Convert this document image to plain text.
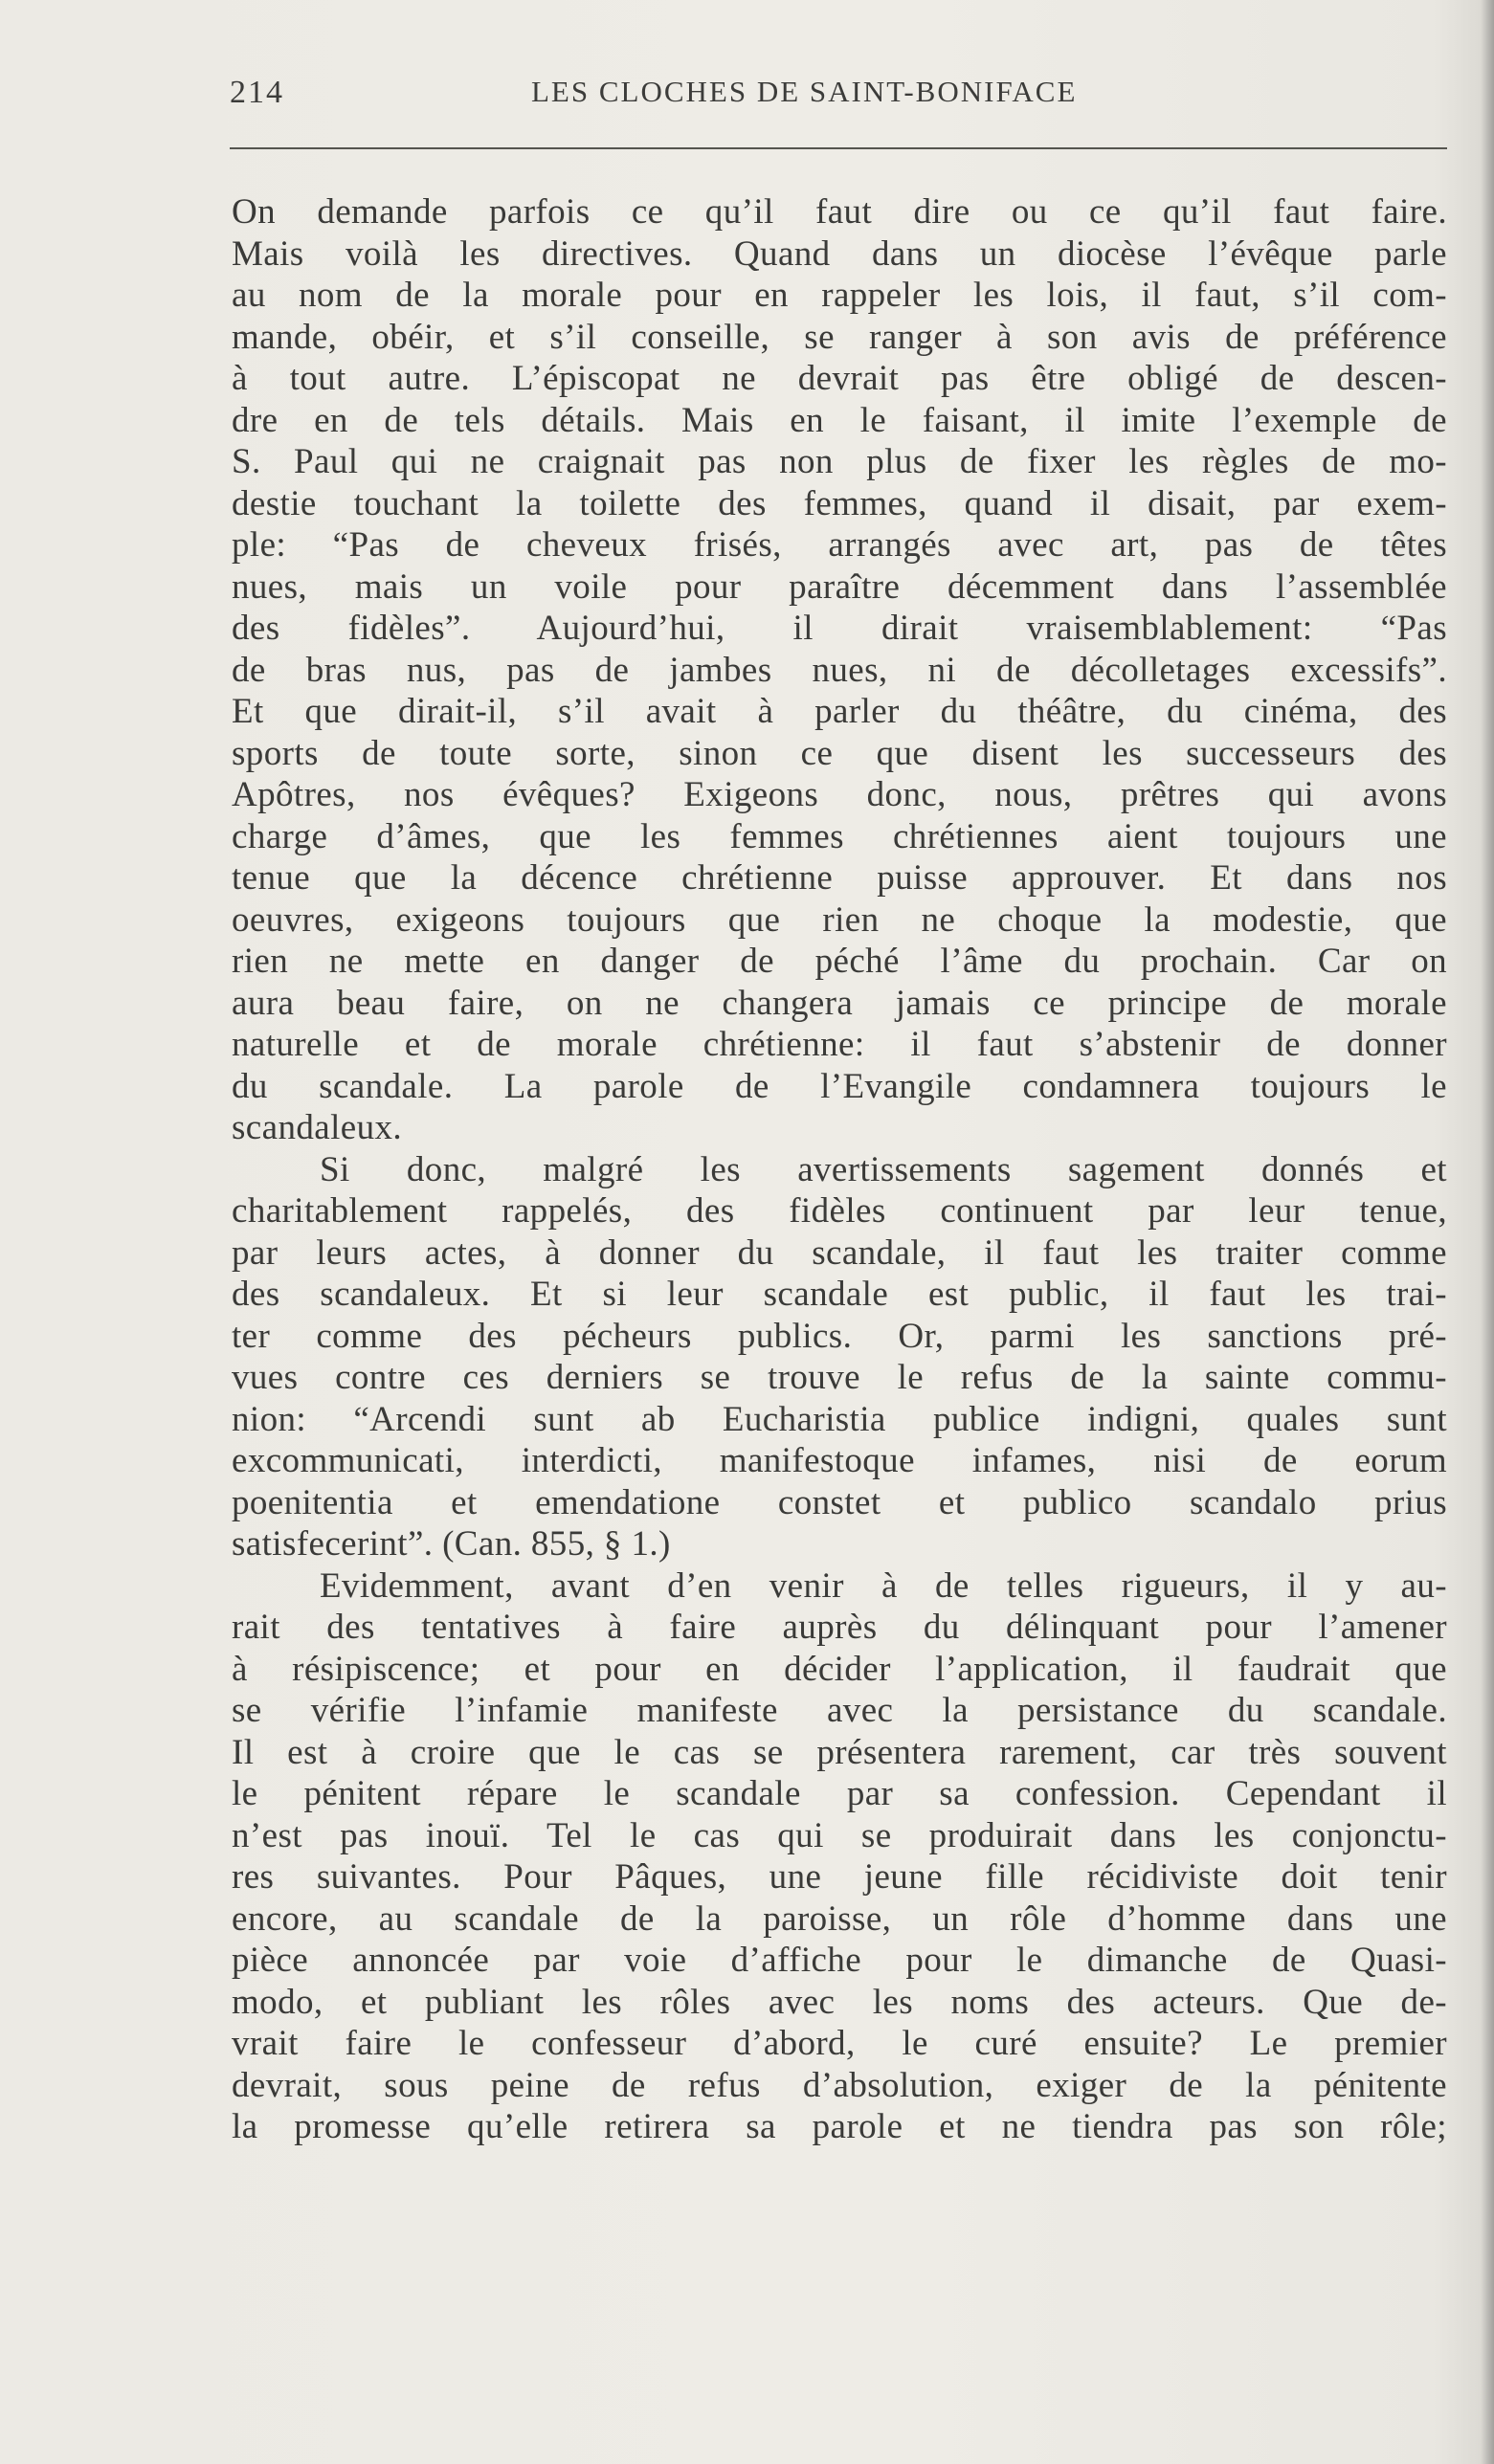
214	LES CLOCHES DE SAINT-BONIFACE
On demande parfois ce qu’il faut dire ou ce qu’il faut faire.
Mais voilà les directives. Quand dans un diocèse l’évêque parle
au nom de la morale pour en rappeler les lois, il faut, s’il com-
mande, obéir, et s’il conseille, se ranger à son avis de préférence
à tout autre. L’épiscopat ne devrait pas être obligé de descen-
dre en de tels détails. Mais en le faisant, il imite l’exemple de
S. Paul qui ne craignait pas non plus de fixer les règles de mo-
destie touchant la toilette des femmes, quand il disait, par exem-
ple: “Pas de cheveux frisés, arrangés avec art, pas de têtes
nues, mais un voile pour paraître décemment dans l’assemblée
des fidèles”. Aujourd’hui, il dirait vraisemblablement: “Pas
de bras nus, pas de jambes nues, ni de décolletages excessifs”.
Et que dirait-il, s’il avait à parler du théâtre, du cinéma, des
sports de toute sorte, sinon ce que disent les successeurs des
Apôtres, nos évêques? Exigeons donc, nous, prêtres qui avons
charge d’âmes, que les femmes chrétiennes aient toujours une
tenue que la décence chrétienne puisse approuver. Et dans nos
oeuvres, exigeons toujours que rien ne choque la modestie, que
rien ne mette en danger de péché l’âme du prochain. Car on
aura beau faire, on ne changera jamais ce principe de morale
naturelle et de morale chrétienne: il faut s’abstenir de donner
du scandale. La parole de l’Evangile condamnera toujours le
scandaleux.
Si donc, malgré les avertissements sagement donnés et
charitablement rappelés, des fidèles continuent par leur tenue,
par leurs actes, à donner du scandale, il faut les traiter comme
des scandaleux. Et si leur scandale est public, il faut les trai-
ter comme des pécheurs publics. Or, parmi les sanctions pré-
vues contre ces derniers se trouve le refus de la sainte commu-
nion: “Arcendi sunt ab Eucharistia publice indigni, quales sunt
excommunicati, interdicti, manifestoque infames, nisi de eorum
poenitentia et emendatione constet et publico scandalo prius
satisfecerint”. (Can. 855, § 1.)
Evidemment, avant d’en venir à de telles rigueurs, il y au-
rait des tentatives à faire auprès du délinquant pour l’amener
à résipiscence; et pour en décider l’application, il faudrait que
se vérifie l’infamie manifeste avec la persistance du scandale.
Il est à croire que le cas se présentera rarement, car très souvent
le pénitent répare le scandale par sa confession. Cependant il
n’est pas inouï. Tel le cas qui se produirait dans les conjonctu-
res suivantes. Pour Pâques, une jeune fille récidiviste doit tenir
encore, au scandale de la paroisse, un rôle d’homme dans une
pièce annoncée par voie d’affiche pour le dimanche de Quasi-
modo, et publiant les rôles avec les noms des acteurs. Que de-
vrait faire le confesseur d’abord, le curé ensuite? Le premier
devrait, sous peine de refus d’absolution, exiger de la pénitente
la promesse qu’elle retirera sa parole et ne tiendra pas son rôle;
